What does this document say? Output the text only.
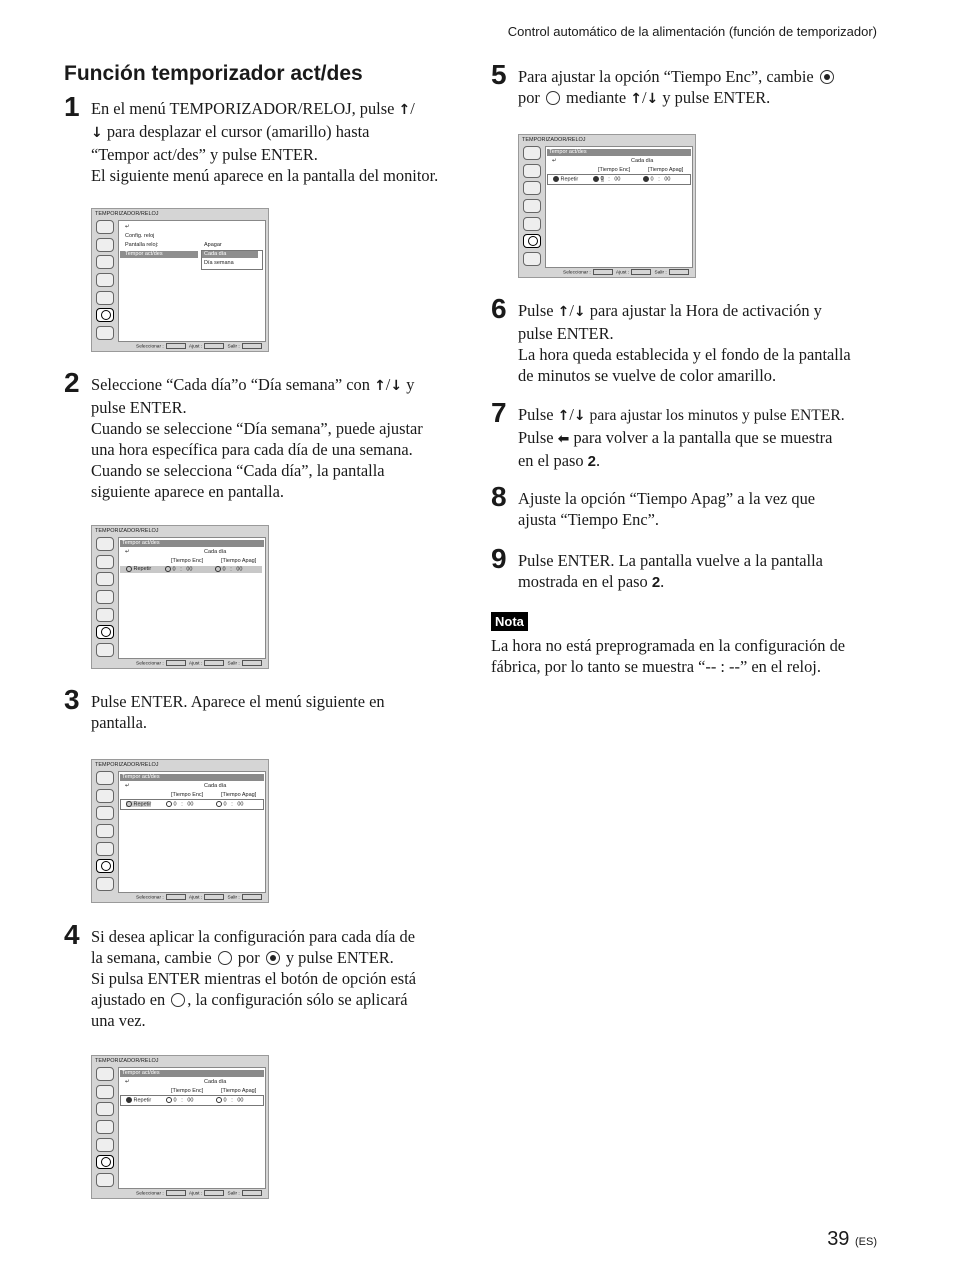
Control automático de la alimentación (función de temporizador)
Función temporizador act/des
1 En el menú TEMPORIZADOR/RELOJ, pulse ↑/

↓ para desplazar el cursor (amarillo) hasta

“Tempor act/des” y pulse ENTER.

El siguiente menú aparece en la pantalla del monitor.

TEMPORIZADOR/RELOJ
↵
Config. reloj
Pantalla reloj:
Tempor act/des
Apagar
Cada día
Día semana
Seleccionar :	Ajust :	Salir :
2 Seleccione “Cada día”o “Día semana” con ↑/↓ y

pulse ENTER.

Cuando se seleccione “Día semana”, puede ajustar

una hora específica para cada día de una semana.

Cuando se selecciona “Cada día”, la pantalla

siguiente aparece en pantalla.

TEMPORIZADOR/RELOJ
Tempor act/des
↵	Cada día
[Tiempo Enc]	[Tiempo Apag]
Repetir	0 : 00	0 : 00
Seleccionar :	Ajust :	Salir :
3 Pulse ENTER. Aparece el menú siguiente en

pantalla.

TEMPORIZADOR/RELOJ
Tempor act/des
↵	Cada día
[Tiempo Enc]	[Tiempo Apag]
Repetir	0 : 00	0 : 00
Seleccionar :	Ajust :	Salir :
4 Si desea aplicar la configuración para cada día de

la semana, cambie  por  y pulse ENTER.

Si pulsa ENTER mientras el botón de opción está

ajustado en , la configuración sólo se aplicará

una vez.

TEMPORIZADOR/RELOJ
Tempor act/des
↵	Cada día
[Tiempo Enc]	[Tiempo Apag]
Repetir	0 : 00	0 : 00
Seleccionar :	Ajust :	Salir :
5 Para ajustar la opción “Tiempo Enc”, cambie

por  mediante ↑/↓ y pulse ENTER.

TEMPORIZADOR/RELOJ
Tempor act/des
↵	Cada día
[Tiempo Enc]	[Tiempo Apag]
Repetir	0 : 00	0 : 00
Seleccionar :	Ajust :	Salir :
6 Pulse ↑/↓ para ajustar la Hora de activación y

pulse ENTER.

La hora queda establecida y el fondo de la pantalla

de minutos se vuelve de color amarillo.

7 Pulse ↑/↓ para ajustar los minutos y pulse ENTER.

Pulse ⬅ para volver a la pantalla que se muestra

en el paso 2.

8 Ajuste la opción “Tiempo Apag” a la vez que

ajusta “Tiempo Enc”.

9 Pulse ENTER. La pantalla vuelve a la pantalla

mostrada en el paso 2.

Nota
La hora no está preprogramada en la configuración de
fábrica, por lo tanto se muestra “-- : --” en el reloj.
39 (ES)
